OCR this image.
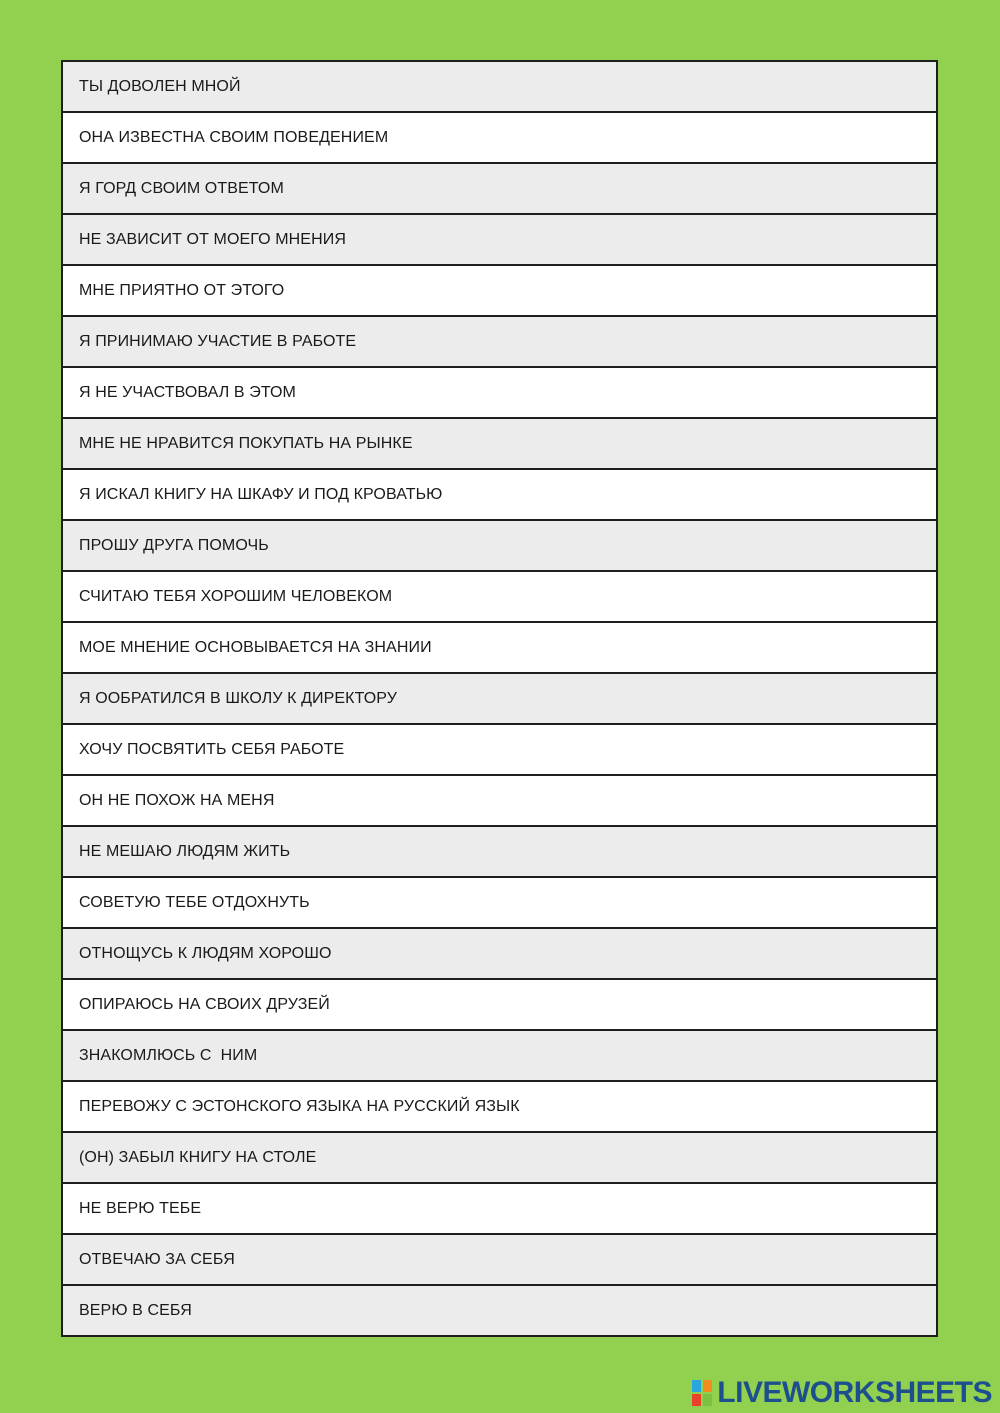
ТЫ ДОВОЛЕН МНОЙ
ОНА ИЗВЕСТНА СВОИМ ПОВЕДЕНИЕМ
Я ГОРД СВОИМ ОТВЕТОМ
НЕ ЗАВИСИТ ОТ МОЕГО МНЕНИЯ
МНЕ ПРИЯТНО ОТ ЭТОГО
Я ПРИНИМАЮ УЧАСТИЕ В РАБОТЕ
Я НЕ УЧАСТВОВАЛ В ЭТОМ
МНЕ НЕ НРАВИТСЯ ПОКУПАТЬ НА РЫНКЕ
Я ИСКАЛ КНИГУ НА ШКАФУ И ПОД КРОВАТЬЮ
ПРОШУ ДРУГА ПОМОЧЬ
СЧИТАЮ ТЕБЯ ХОРОШИМ ЧЕЛОВЕКОМ
МОЕ МНЕНИЕ ОСНОВЫВАЕТСЯ НА ЗНАНИИ
Я ООБРАТИЛСЯ В ШКОЛУ К ДИРЕКТОРУ
ХОЧУ ПОСВЯТИТЬ СЕБЯ РАБОТЕ
ОН НЕ ПОХОЖ НА МЕНЯ
НЕ МЕШАЮ ЛЮДЯМ ЖИТЬ
СОВЕТУЮ ТЕБЕ ОТДОХНУТЬ
ОТНОЩУСЬ К ЛЮДЯМ ХОРОШО
ОПИРАЮСЬ НА СВОИХ ДРУЗЕЙ
ЗНАКОМЛЮСЬ С  НИМ
ПЕРЕВОЖУ С ЭСТОНСКОГО ЯЗЫКА НА РУССКИЙ ЯЗЫК
(ОН) ЗАБЫЛ КНИГУ НА СТОЛЕ
НЕ ВЕРЮ ТЕБЕ
ОТВЕЧАЮ ЗА СЕБЯ
ВЕРЮ В СЕБЯ
LIVEWORKSHEETS
